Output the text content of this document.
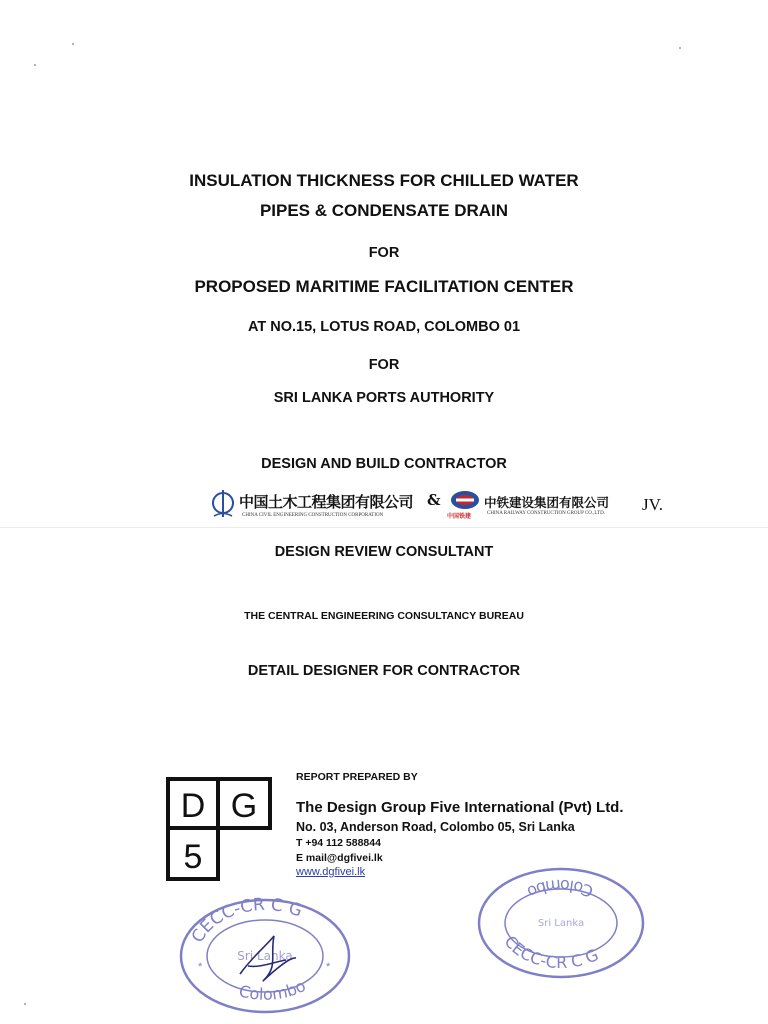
INSULATION THICKNESS FOR CHILLED WATER
PIPES & CONDENSATE DRAIN
FOR
PROPOSED MARITIME FACILITATION CENTER
AT NO.15, LOTUS ROAD, COLOMBO 01
FOR
SRI LANKA PORTS AUTHORITY
DESIGN AND BUILD CONTRACTOR
中国土木工程集团有限公司
CHINA CIVIL ENGINEERING CONSTRUCTION CORPORATION
&
中国铁建
中铁建设集团有限公司
CHINA RAILWAY CONSTRUCTION GROUP CO.,LTD. JV.
DESIGN REVIEW CONSULTANT
THE CENTRAL ENGINEERING CONSULTANCY BUREAU
DETAIL DESIGNER FOR CONTRACTOR
D G
5
REPORT PREPARED BY
The Design Group Five International (Pvt) Ltd.
No. 03, Anderson Road, Colombo 05, Sri Lanka
T +94 112 588844
E mail@dgfivei.lk
www.dgfivei.lk
CECC-CR C G
Colombo
Sri Lanka
*	*
Colombo
CECC-CR C G
Sri Lanka
